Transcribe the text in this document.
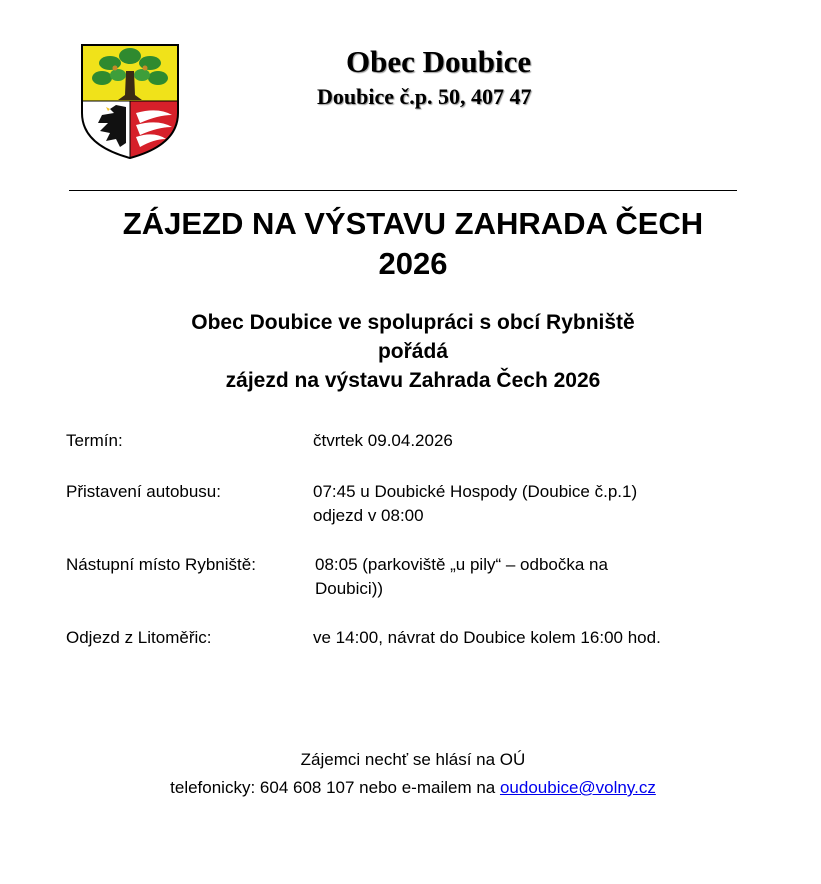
Obec Doubice
Doubice č.p. 50, 407 47
ZÁJEZD NA VÝSTAVU ZAHRADA ČECH
2026
Obec Doubice ve spolupráci s obcí Rybniště
pořádá
zájezd na výstavu Zahrada Čech 2026
Termín:	čtvrtek 09.04.2026
Přistavení autobusu:	07:45 u Doubické Hospody (Doubice č.p.1)
odjezd v 08:00
Nástupní místo Rybniště:	08:05 (parkoviště „u pily“ – odbočka na
Doubici))
Odjezd z Litoměřic:	ve 14:00, návrat do Doubice kolem 16:00 hod.
Zájemci nechť se hlásí na OÚ
telefonicky: 604 608 107 nebo e-mailem na oudoubice@volny.cz
